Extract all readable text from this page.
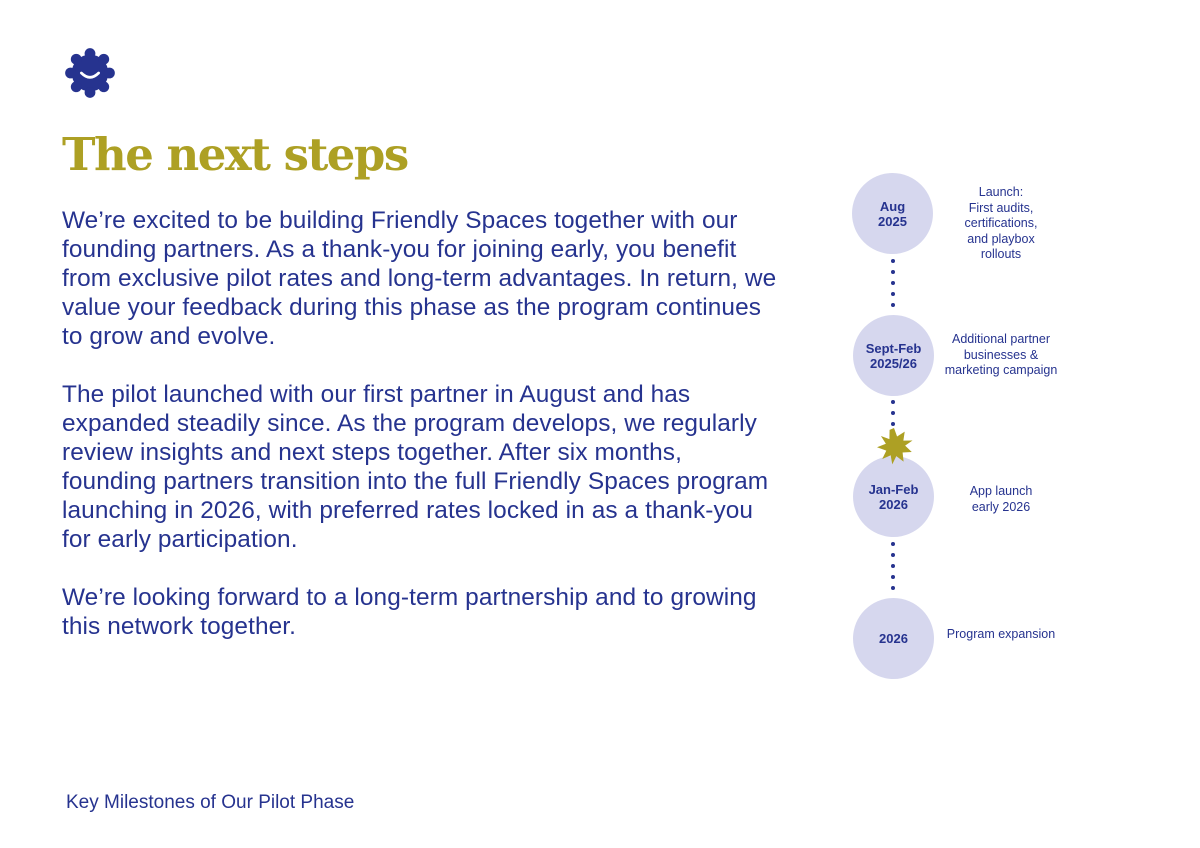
The next steps

We’re excited to be building Friendly Spaces together with our founding partners. As a thank-you for joining early, you benefit from exclusive pilot rates and long-term advantages. In return, we value your feedback during this phase as the program continues to grow and evolve.

The pilot launched with our first partner in August and has expanded steadily since. As the program develops, we regularly review insights and next steps together. After six months, founding partners transition into the full Friendly Spaces program launching in 2026, with preferred rates locked in as a thank-you for early participation.

We’re looking forward to a long-term partnership and to growing this network together.

Key Milestones of Our Pilot Phase
Aug
2025
Launch:
First audits,
certifications,
and playbox
rollouts
Sept-Feb
2025/26
Additional partner
businesses &
marketing campaign
Jan-Feb
2026
App launch
early 2026
2026	Program expansion
